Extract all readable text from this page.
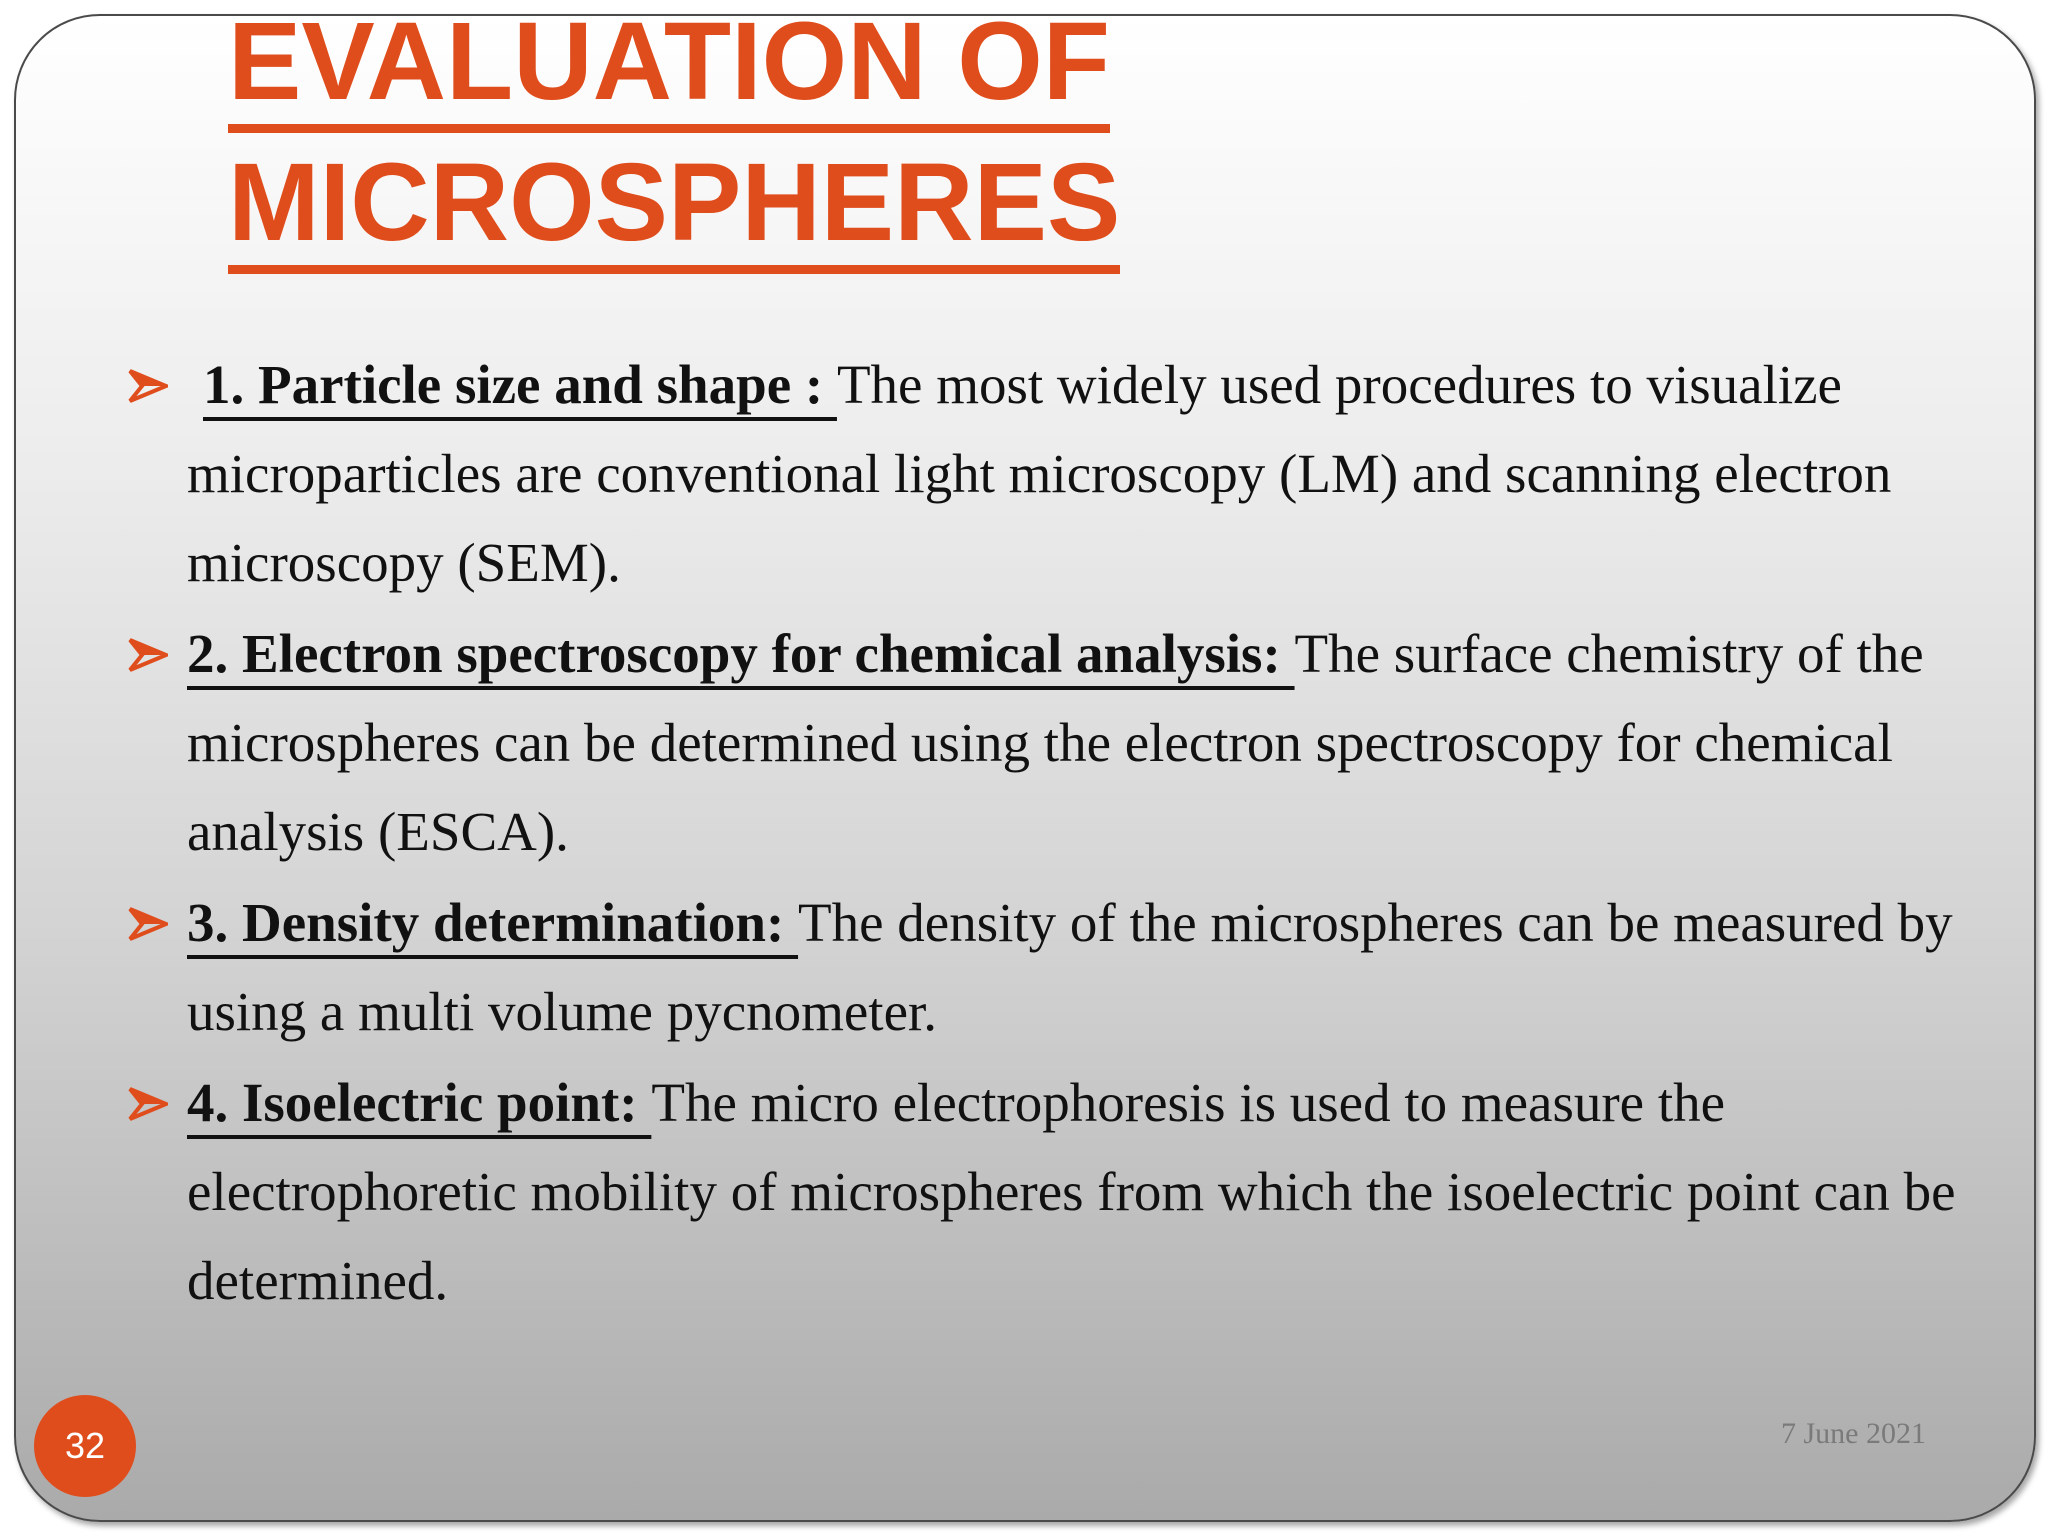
EVALUATION OF
MICROSPHERES
1. Particle size and shape : The most widely used procedures to visualize microparticles are conventional light microscopy (LM) and scanning electron microscopy (SEM).
2. Electron spectroscopy for chemical analysis: The surface chemistry of the microspheres can be determined using the electron spectroscopy for chemical analysis (ESCA).
3. Density determination: The density of the microspheres can be measured by using a multi volume pycnometer.
4. Isoelectric point: The micro electrophoresis is used to measure the electrophoretic mobility of microspheres from which the isoelectric point can be determined.
32	7 June 2021
